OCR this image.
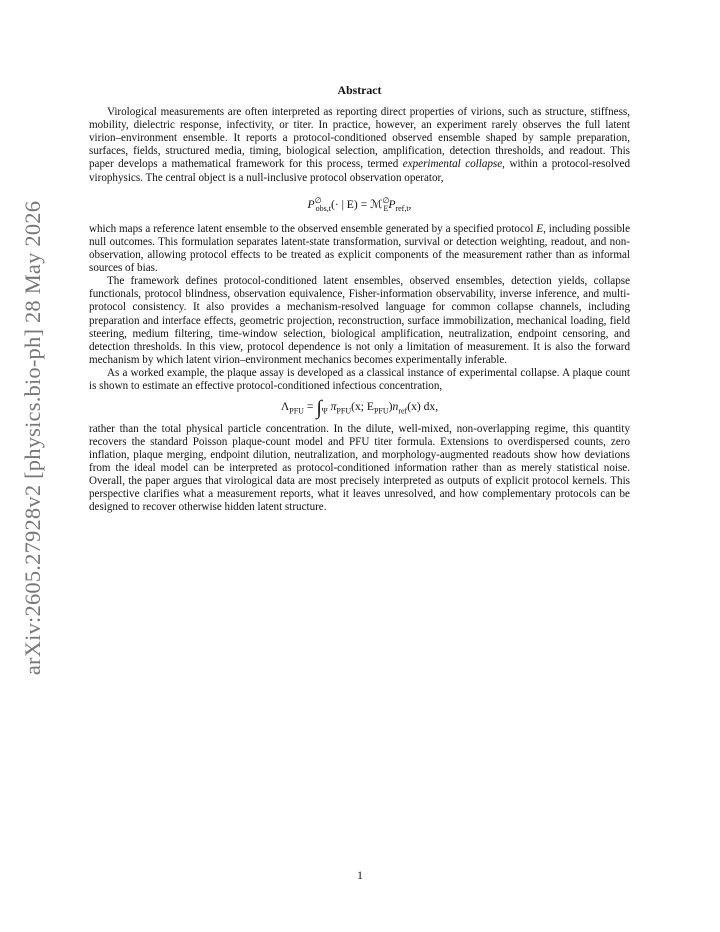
arXiv:2605.27928v2 [physics.bio-ph] 28 May 2026
Abstract

Virological measurements are often interpreted as reporting direct properties of virions, such as structure, stiffness, mobility, dielectric response, infectivity, or titer. In practice, however, an experiment rarely observes the full latent virion–environment ensemble. It reports a protocol-conditioned observed ensemble shaped by sample preparation, surfaces, fields, structured media, timing, biological selection, amplification, detection thresholds, and readout. This paper develops a mathematical framework for this process, termed experimental collapse, within a protocol-resolved virophysics. The central object is a null-inclusive protocol observation operator,

$P^\emptyset_{obs,t}(\cdot$ | $E) = ℳ^\emptyset_EP_{ref,t}$,

which maps a reference latent ensemble to the observed ensemble generated by a specified protocol E, including possible null outcomes. This formulation separates latent-state transformation, survival or detection weighting, readout, and non-observation, allowing protocol effects to be treated as explicit components of the measurement rather than as informal sources of bias.

The framework defines protocol-conditioned latent ensembles, observed ensembles, detection yields, collapse functionals, protocol blindness, observation equivalence, Fisher-information observability, inverse inference, and multi-protocol consistency. It also provides a mechanism-resolved language for common collapse channels, including preparation and interface effects, geometric projection, reconstruction, surface immobilization, mechanical loading, field steering, medium filtering, time-window selection, biological amplification, neutralization, endpoint censoring, and detection thresholds. In this view, protocol dependence is not only a limitation of measurement. It is also the forward mechanism by which latent virion–environment mechanics becomes experimentally inferable.

As a worked example, the plaque assay is developed as a classical instance of experimental collapse. A plaque count is shown to estimate an effective protocol-conditioned infectious concentration,

$\Lambda_{PFU} = \int_\Psi$ $\pi_{PFU}(x$; $E_{PFU})n_{ref}(x)$ dx,

rather than the total physical particle concentration. In the dilute, well-mixed, non-overlapping regime, this quantity recovers the standard Poisson plaque-count model and PFU titer formula. Extensions to overdispersed counts, zero inflation, plaque merging, endpoint dilution, neutralization, and morphology-augmented readouts show how deviations from the ideal model can be interpreted as protocol-conditioned information rather than as merely statistical noise. Overall, the paper argues that virological data are most precisely interpreted as outputs of explicit protocol kernels. This perspective clarifies what a measurement reports, what it leaves unresolved, and how complementary protocols can be designed to recover otherwise hidden latent structure.

1
